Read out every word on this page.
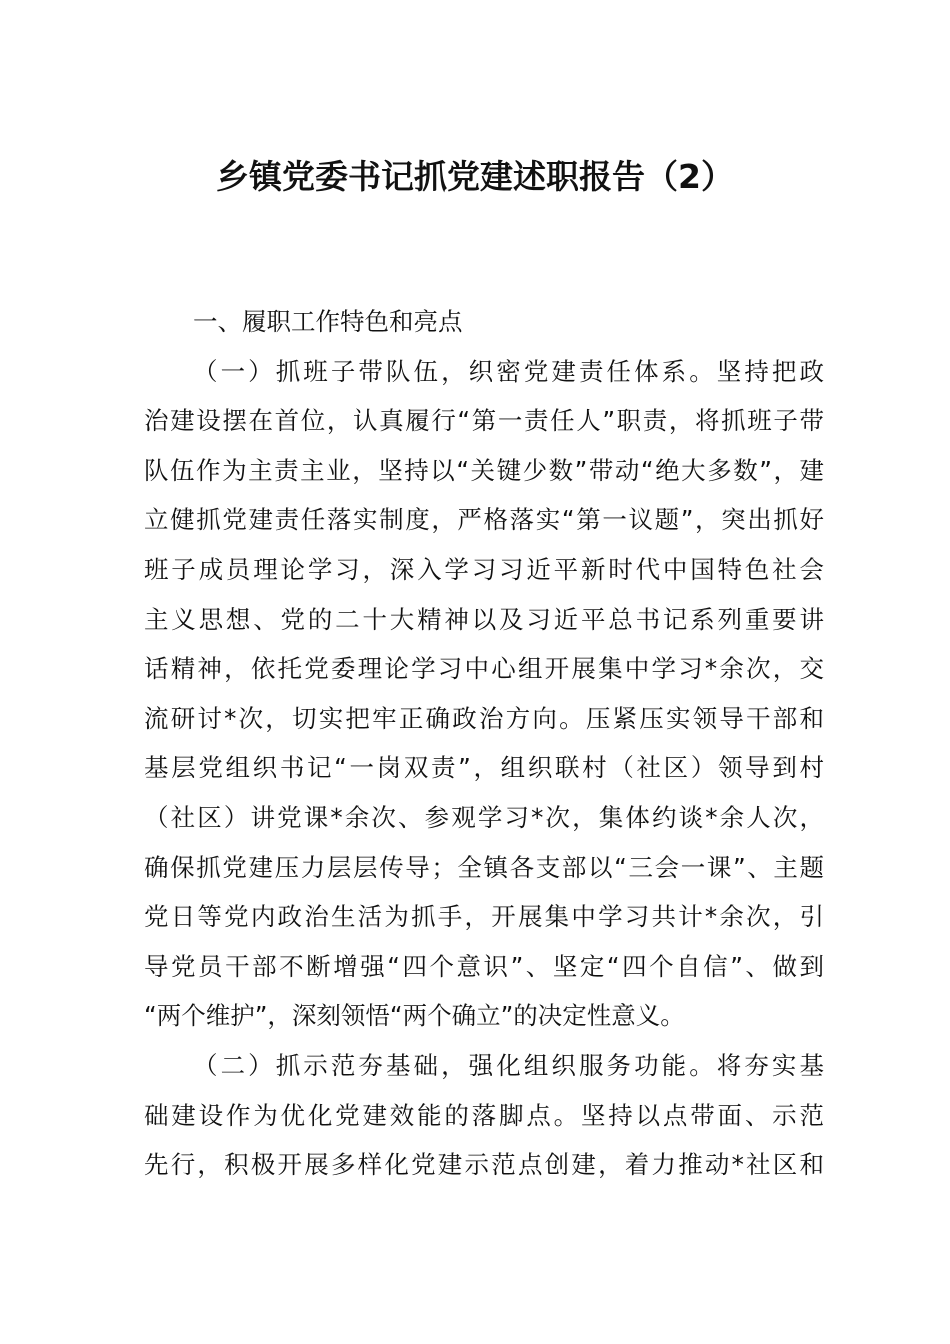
乡镇党委书记抓党建述职报告（2）
一、履职工作特色和亮点
（一）抓班子带队伍，织密党建责任体系。坚持把政
治建设摆在首位，认真履行“第一责任人”职责，将抓班子带
队伍作为主责主业，坚持以“关键少数”带动“绝大多数”，建
立健抓党建责任落实制度，严格落实“第一议题”，突出抓好
班子成员理论学习，深入学习习近平新时代中国特色社会
主义思想、党的二十大精神以及习近平总书记系列重要讲
话精神，依托党委理论学习中心组开展集中学习*余次，交
流研讨*次，切实把牢正确政治方向。压紧压实领导干部和
基层党组织书记“一岗双责”，组织联村（社区）领导到村
（社区）讲党课*余次、参观学习*次，集体约谈*余人次，
确保抓党建压力层层传导；全镇各支部以“三会一课”、主题
党日等党内政治生活为抓手，开展集中学习共计*余次，引
导党员干部不断增强“四个意识”、坚定“四个自信”、做到
“两个维护”，深刻领悟“两个确立”的决定性意义。
（二）抓示范夯基础，强化组织服务功能。将夯实基
础建设作为优化党建效能的落脚点。坚持以点带面、示范
先行，积极开展多样化党建示范点创建，着力推动*社区和
